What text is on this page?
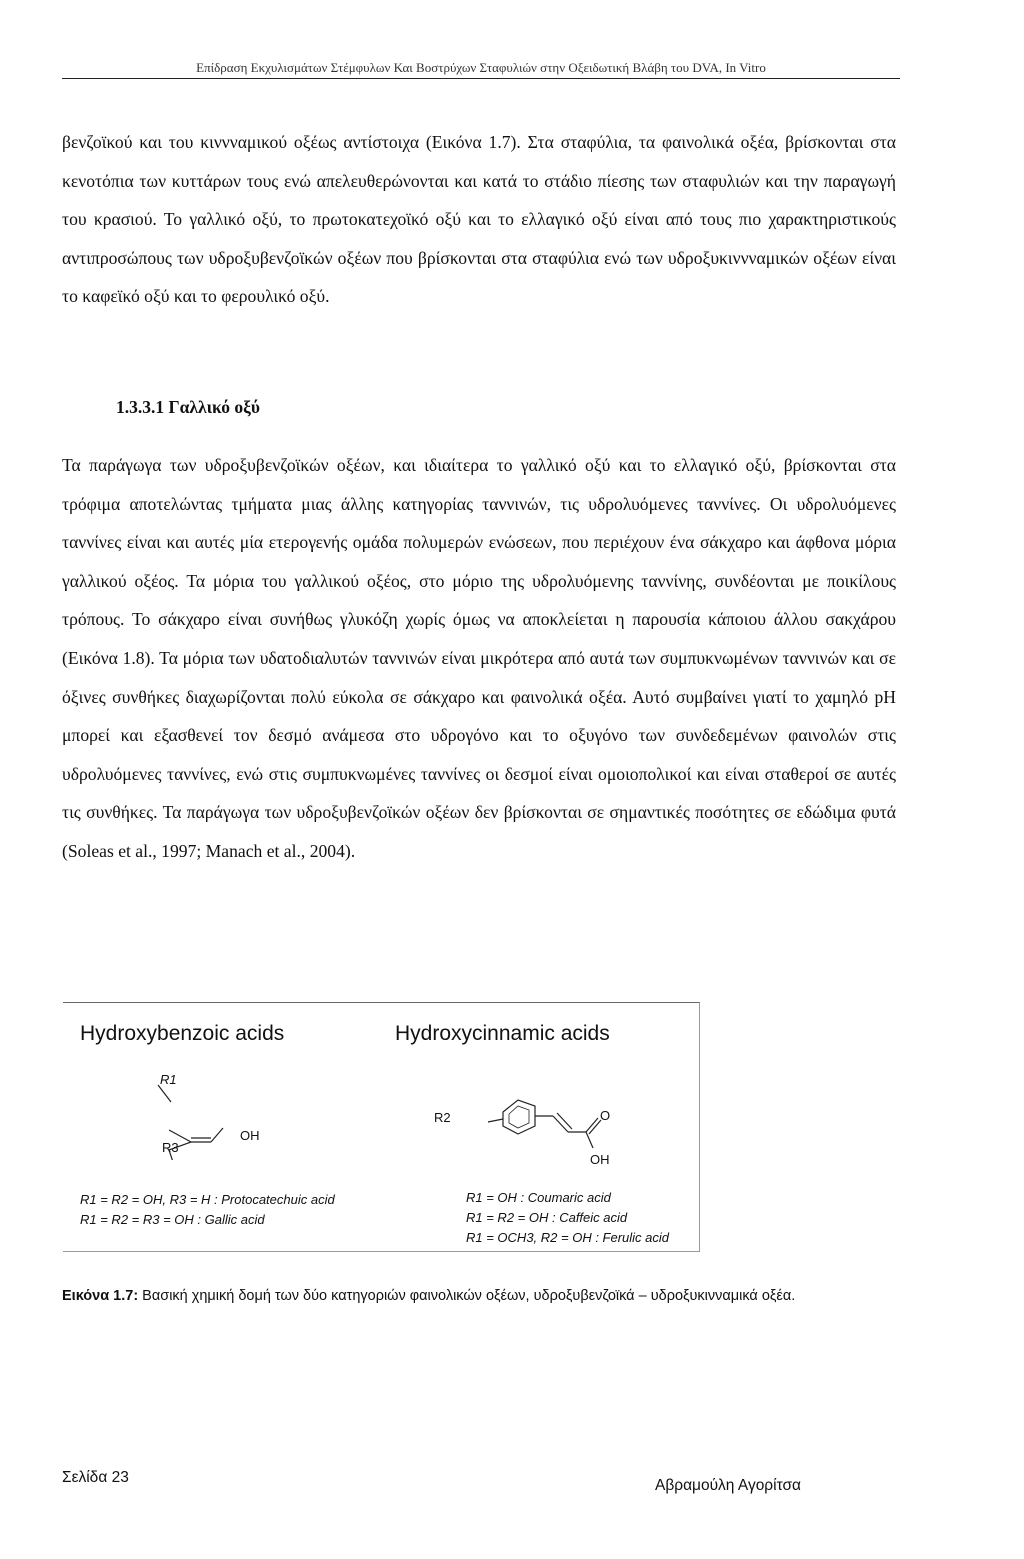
Επίδραση Εκχυλισμάτων Στέμφυλων Και Βοστρύχων Σταφυλιών στην Οξειδωτική Βλάβη του DVA, In Vitro

βενζοϊκού και του κιννναμικού οξέως αντίστοιχα (Εικόνα 1.7). Στα σταφύλια, τα φαινολικά οξέα, βρίσκονται στα κενοτόπια των κυττάρων τους ενώ απελευθερώνονται και κατά το στάδιο πίεσης των σταφυλιών και την παραγωγή του κρασιού. Το γαλλικό οξύ, το πρωτοκατεχοϊκό οξύ και το ελλαγικό οξύ είναι από τους πιο χαρακτηριστικούς αντιπροσώπους των υδροξυβενζοϊκών οξέων που βρίσκονται στα σταφύλια ενώ των υδροξυκιννναμικών οξέων είναι το καφεϊκό οξύ και το φερουλικό οξύ.

1.3.3.1 Γαλλικό οξύ

Τα παράγωγα των υδροξυβενζοϊκών οξέων, και ιδιαίτερα το γαλλικό οξύ και το ελλαγικό οξύ, βρίσκονται στα τρόφιμα αποτελώντας τμήματα μιας άλλης κατηγορίας ταννινών, τις υδρολυόμενες ταννίνες. Οι υδρολυόμενες ταννίνες είναι και αυτές μία ετερογενής ομάδα πολυμερών ενώσεων, που περιέχουν ένα σάκχαρο και άφθονα μόρια γαλλικού οξέος. Τα μόρια του γαλλικού οξέος, στο μόριο της υδρολυόμενης ταννίνης, συνδέονται με ποικίλους τρόπους. Το σάκχαρο είναι συνήθως γλυκόζη χωρίς όμως να αποκλείεται η παρουσία κάποιου άλλου σακχάρου (Εικόνα 1.8). Τα μόρια των υδατοδιαλυτών ταννινών είναι μικρότερα από αυτά των συμπυκνωμένων ταννινών και σε όξινες συνθήκες διαχωρίζονται πολύ εύκολα σε σάκχαρο και φαινολικά οξέα. Αυτό συμβαίνει γιατί το χαμηλό pH μπορεί και εξασθενεί τον δεσμό ανάμεσα στο υδρογόνο και το οξυγόνο των συνδεδεμένων φαινολών στις υδρολυόμενες ταννίνες, ενώ στις συμπυκνωμένες ταννίνες οι δεσμοί είναι ομοιοπολικοί και είναι σταθεροί σε αυτές τις συνθήκες. Τα παράγωγα των υδροξυβενζοϊκών οξέων δεν βρίσκονται σε σημαντικές ποσότητες σε εδώδιμα φυτά (Soleas et al., 1997; Manach et al., 2004).

Hydroxybenzoic acids	Hydroxycinnamic acids
R1
R3
OH
R2	O
OH
R1 = R2 = OH, R3 = H : Protocatechuic acid
R1 = R2 = R3 = OH : Gallic acid
R1 = OH : Coumaric acid
R1 = R2 = OH : Caffeic acid
R1 = OCH3, R2 = OH : Ferulic acid

Εικόνα 1.7: Βασική χημική δομή των δύο κατηγοριών φαινολικών οξέων, υδροξυβενζοϊκά – υδροξυκινναμικά οξέα.

Σελίδα 23	Αβραμούλη Αγορίτσα
